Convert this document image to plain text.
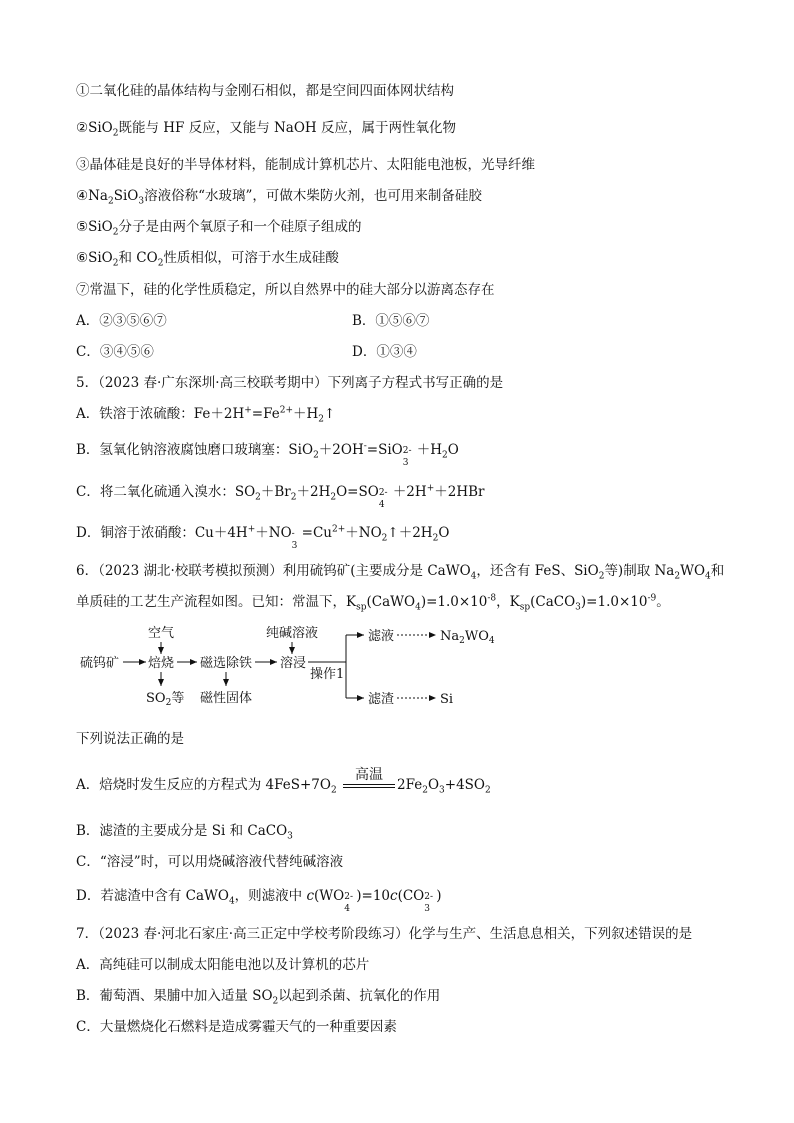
①二氧化硅的晶体结构与金刚石相似，都是空间四面体网状结构
②SiO$_2$既能与 HF 反应，又能与 NaOH 反应，属于两性氧化物
③晶体硅是良好的半导体材料，能制成计算机芯片、太阳能电池板，光导纤维
$④Na_2SiO_3$溶液俗称“水玻璃”，可做木柴防火剂，也可用来制备硅胶
⑤SiO$_2$分子是由两个氧原子和一个硅原子组成的
⑥SiO$_2$和 $CO_2$性质相似，可溶于水生成硅酸
⑦常温下，硅的化学性质稳定，所以自然界中的硅大部分以游离态存在
A．②③⑤⑥⑦	B．①⑤⑥⑦
C．③④⑤⑥	D．①③④
5．（2023 春·广东深圳·高三校联考期中）下列离子方程式书写正确的是
A．铁溶于浓硫酸：$Fe+2H^+=Fe^{2+}+H_2↑$
B．氢氧化钠溶液腐蚀磨口玻璃塞：SiO$_2$＋2OH-=SiO 2-
3
$+H_2O$
C．将二氧化硫通入溴水：$SO_2+Br_2+2H_2O=SO$ 2-
4
＋2H+＋2HBr
D．铜溶于浓硝酸：Cu＋4H+＋NO -
3
$=Cu^{2+}+NO_2↑+2H_2O$
6．（2023 湖北·校联考模拟预测）利用硫钨矿(主要成分是 CaWO$_4$，还含有 FeS、SiO$_2$等)制取 $Na_2WO_4$和
单质硅的工艺生产流程如图。已知：常温下，$K_{sp}(CaWO_4)=1.0\times 10^{-8}$，$K_{sp}(CaCO_3)=1.0\times 10^{-9}$。
硫钨矿
空气
焙烧
$SO_2$等
磁选除铁
磁性固体
纯碱溶液
溶浸
操作1
滤液	$Na_2WO_4$
滤渣	Si
下列说法正确的是
A．焙烧时发生反应的方程式为 $4FeS+7O_2$
高温
$2Fe_2O_3+4SO_2$
B．滤渣的主要成分是 Si 和 CaCO$_3$
C．“溶浸”时，可以用烧碱溶液代替纯碱溶液
D．若滤渣中含有 CaWO$_4$，则滤液中 c(WO 2-
4
)=10c(CO 2-
3
)
7．（2023 春·河北石家庄·高三正定中学校考阶段练习）化学与生产、生活息息相关，下列叙述错误的是
A．高纯硅可以制成太阳能电池以及计算机的芯片
B．葡萄酒、果脯中加入适量 $SO_2$以起到杀菌、抗氧化的作用
C．大量燃烧化石燃料是造成雾霾天气的一种重要因素
